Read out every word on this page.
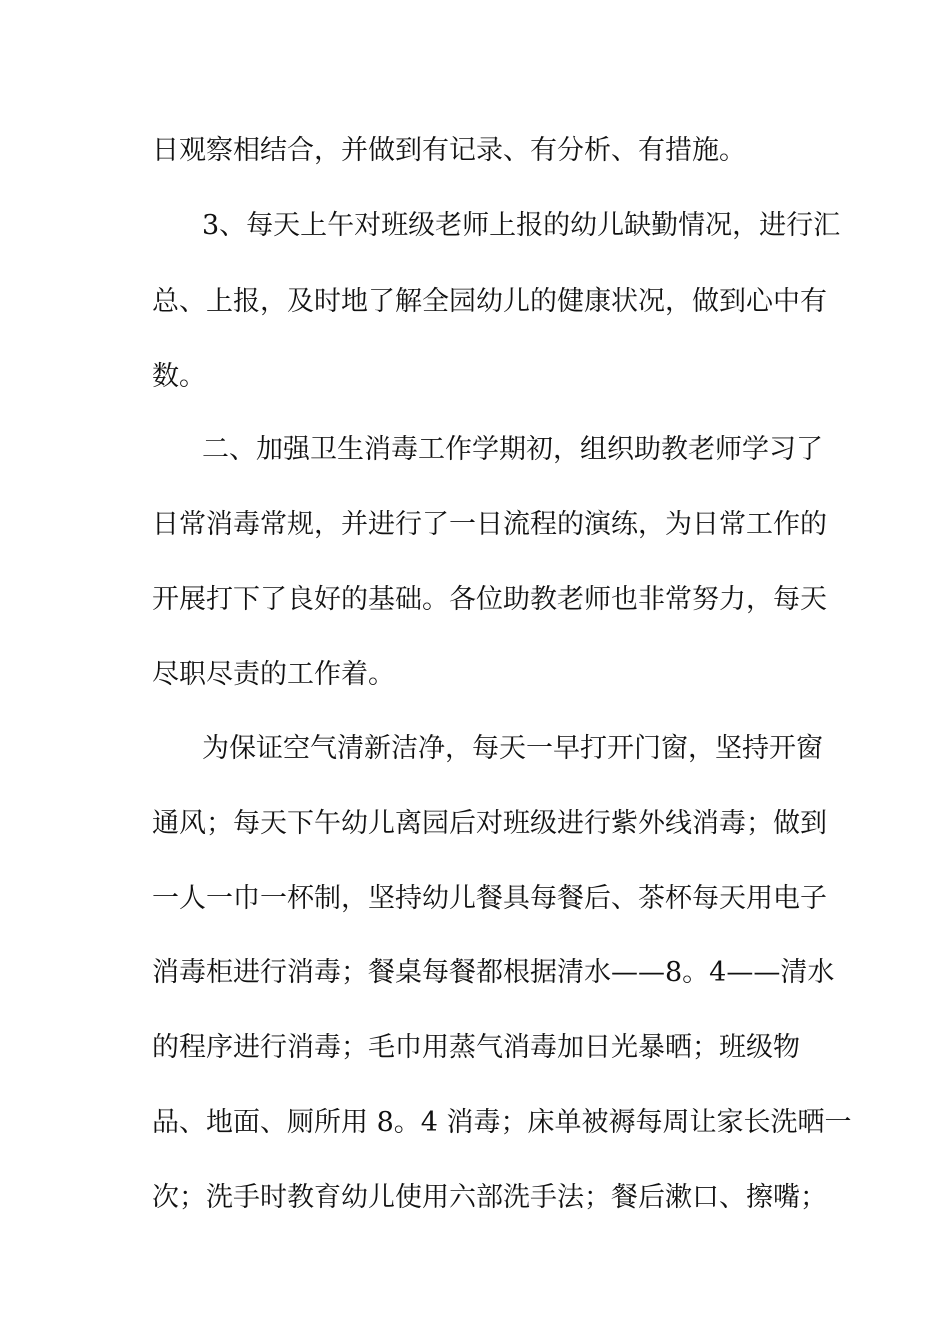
日观察相结合，并做到有记录、有分析、有措施。
3、每天上午对班级老师上报的幼儿缺勤情况，进行汇
总、上报，及时地了解全园幼儿的健康状况，做到心中有
数。
二、加强卫生消毒工作学期初，组织助教老师学习了
日常消毒常规，并进行了一日流程的演练，为日常工作的
开展打下了良好的基础。各位助教老师也非常努力，每天
尽职尽责的工作着。
为保证空气清新洁净，每天一早打开门窗，坚持开窗
通风；每天下午幼儿离园后对班级进行紫外线消毒；做到
一人一巾一杯制，坚持幼儿餐具每餐后、茶杯每天用电子
消毒柜进行消毒；餐桌每餐都根据清水——8。4——清水
的程序进行消毒；毛巾用蒸气消毒加日光暴晒；班级物
品、地面、厕所用 8。4 消毒；床单被褥每周让家长洗晒一
次；洗手时教育幼儿使用六部洗手法；餐后漱口、擦嘴；
